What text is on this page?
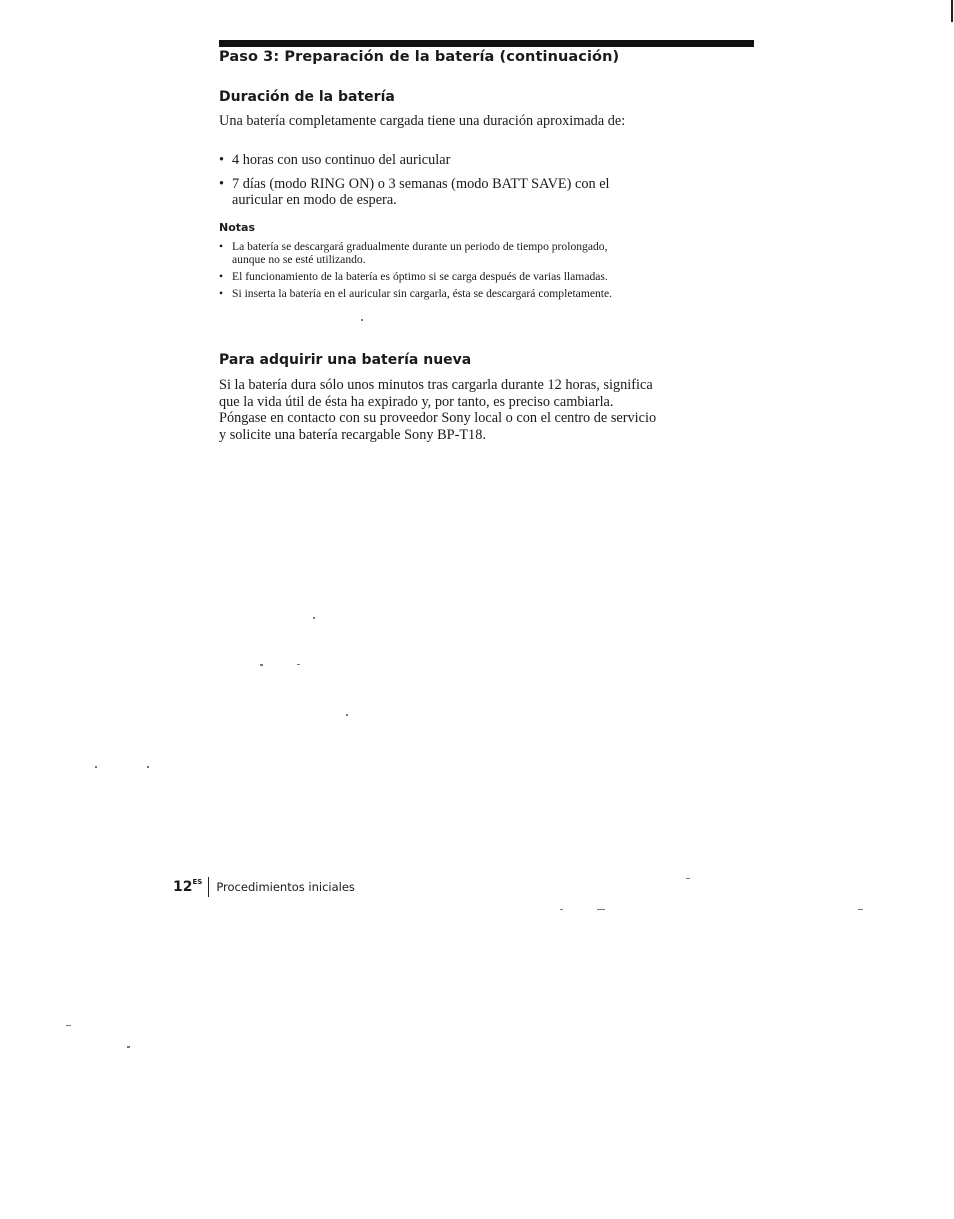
Paso 3: Preparación de la batería (continuación)
Duración de la batería
Una batería completamente cargada tiene una duración aproximada de:
• 4 horas con uso continuo del auricular
• 7 días (modo RING ON) o 3 semanas (modo BATT SAVE) con el auricular en modo de espera.
Notas
• La batería se descargará gradualmente durante un periodo de tiempo prolongado, aunque no se esté utilizando.
• El funcionamiento de la batería es óptimo si se carga después de varias llamadas.
• Si inserta la batería en el auricular sin cargarla, ésta se descargará completamente.
Para adquirir una batería nueva
Si la batería dura sólo unos minutos tras cargarla durante 12 horas, significa que la vida útil de ésta ha expirado y, por tanto, es preciso cambiarla. Póngase en contacto con su proveedor Sony local o con el centro de servicio y solicite una batería recargable Sony BP-T18.
$12^{ES}$ Procedimientos iniciales
